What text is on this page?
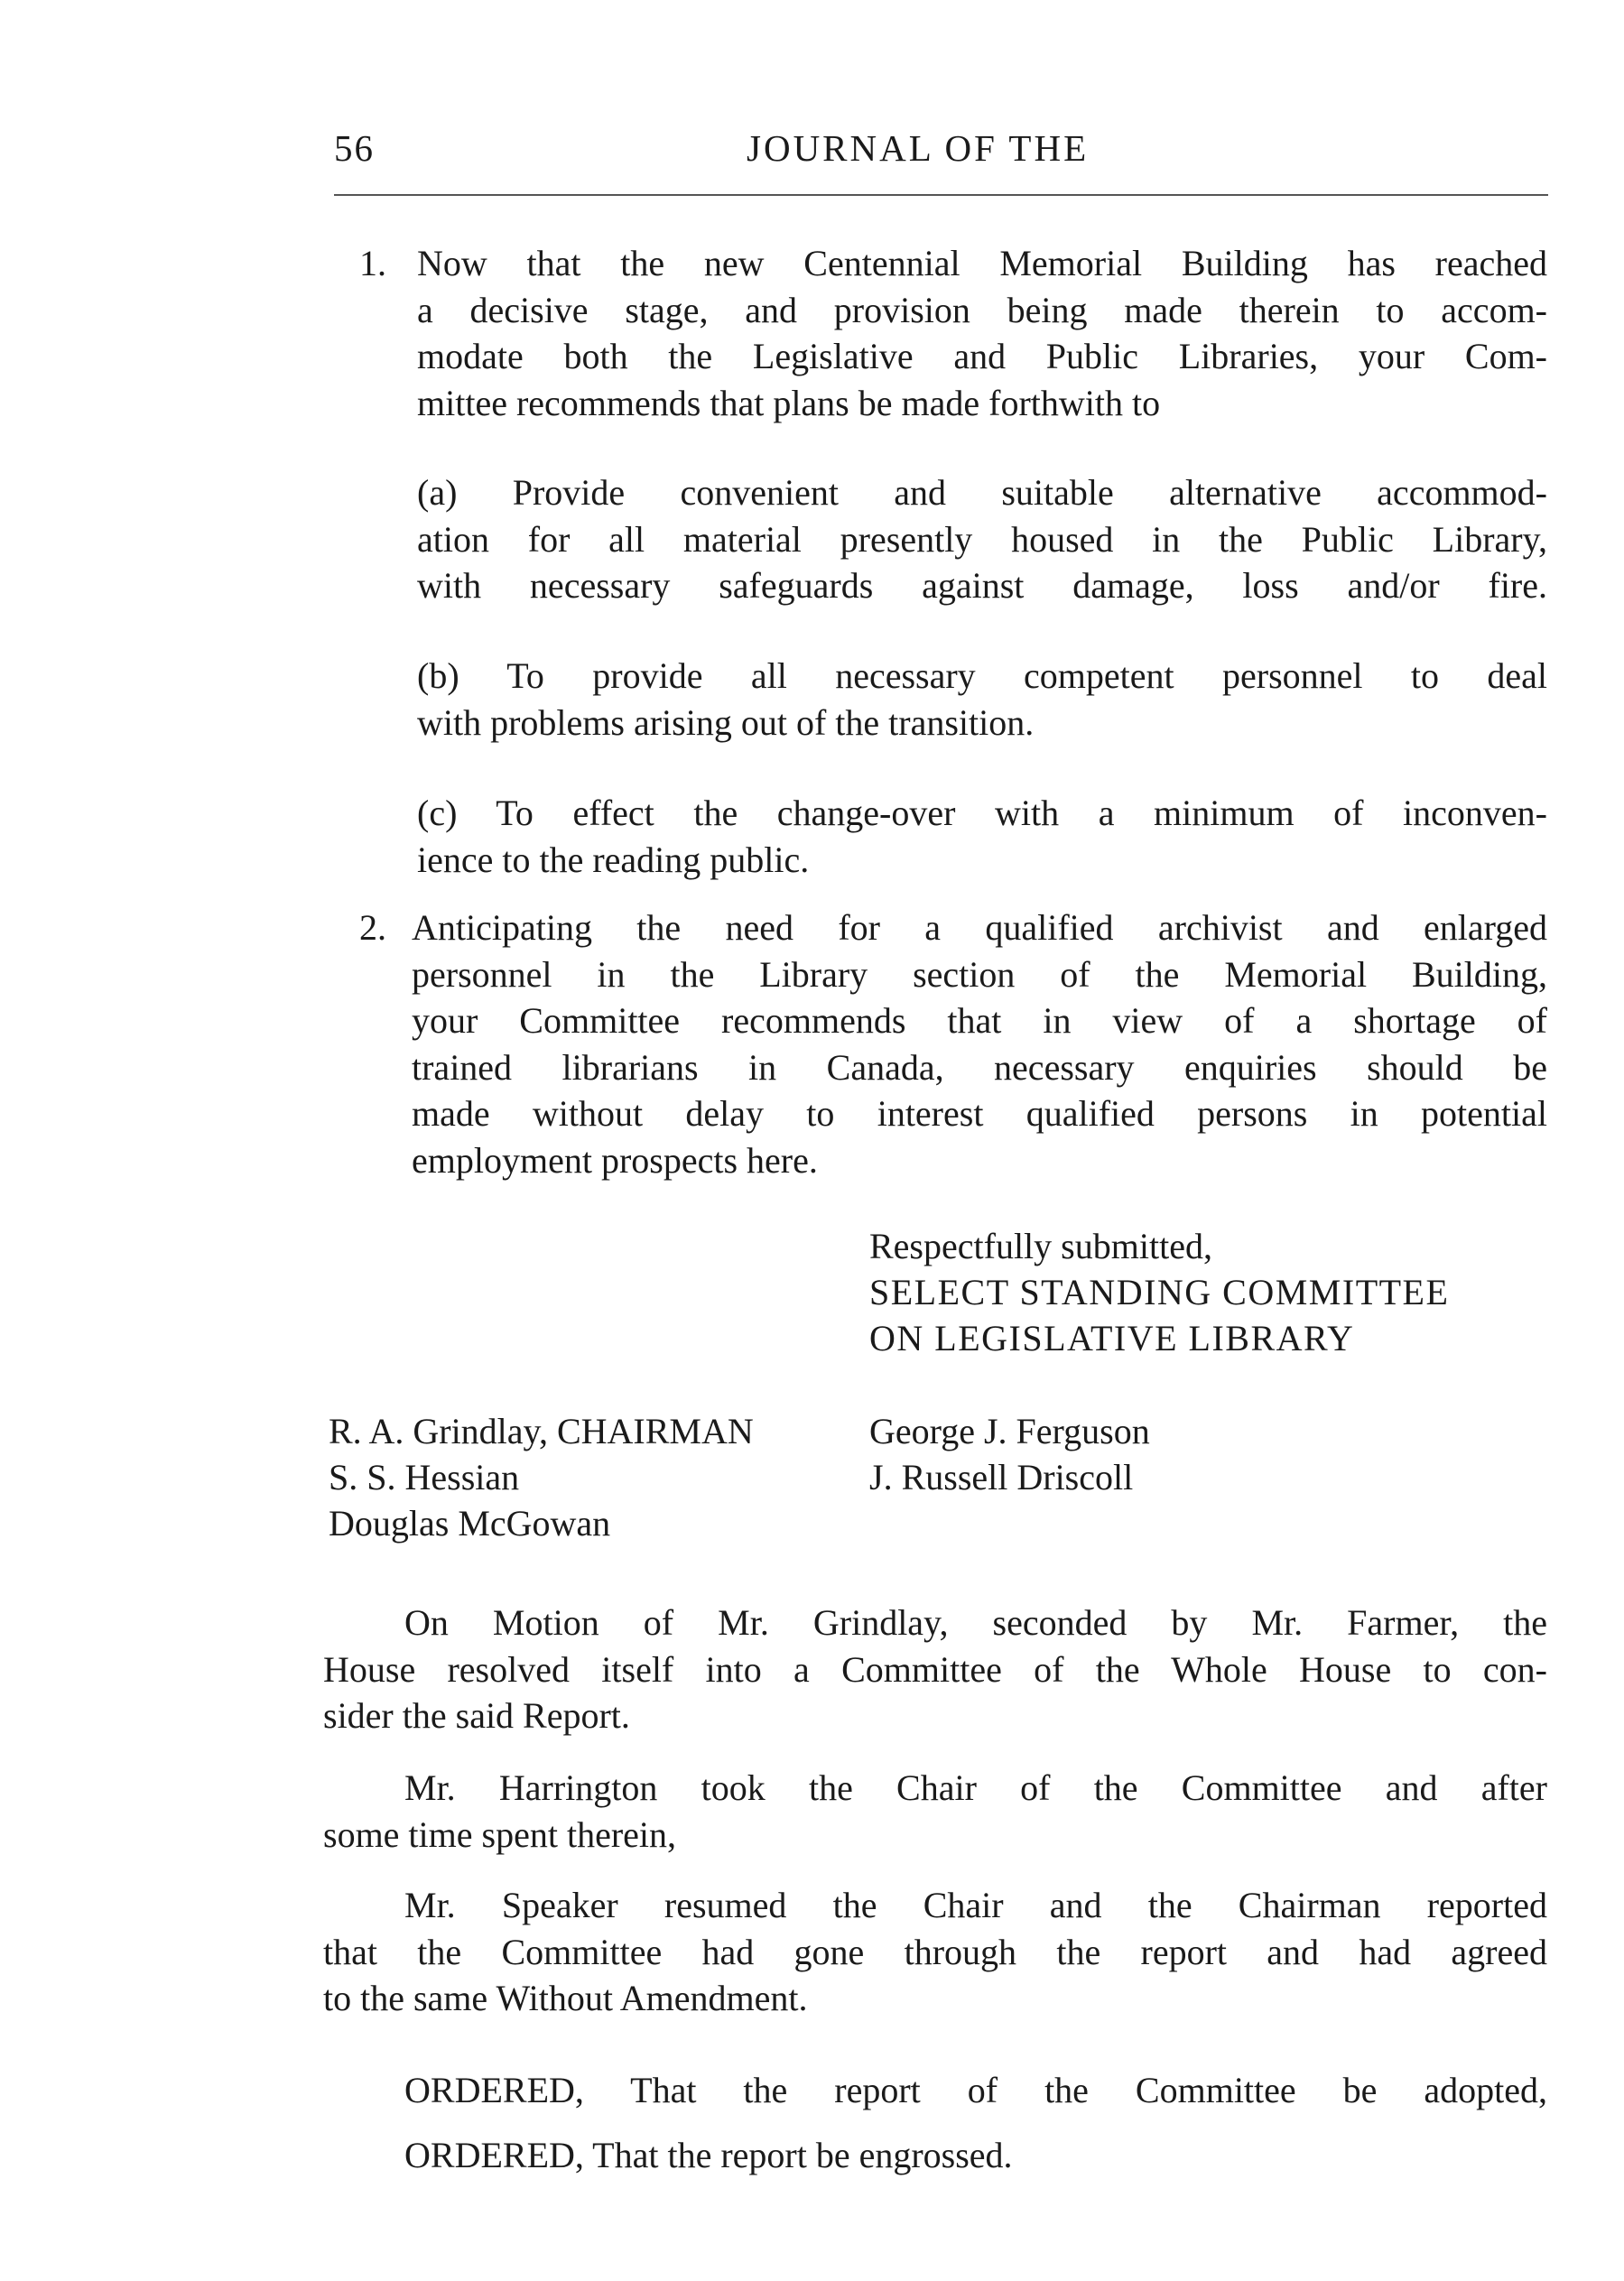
56	JOURNAL OF THE
1. Now that the new Centennial Memorial Building has reached
a decisive stage, and provision being made therein to accom-
modate both the Legislative and Public Libraries, your Com-
mittee recommends that plans be made forthwith to
(a) Provide convenient and suitable alternative accommod-
ation for all material presently housed in the Public Library,
with necessary safeguards against damage, loss and/or fire.
(b) To provide all necessary competent personnel to deal
with problems arising out of the transition.
(c) To effect the change-over with a minimum of inconven-
iencе to the reading public.
2. Anticipating the need for a qualified archivist and enlarged
personnel in the Library section of the Memorial Building,
your Committee recommends that in view of a shortage of
trained librarians in Canada, necessary enquiries should be
made without delay to interest qualified persons in potential
employment prospects here.
Respectfully submitted,
SELECT STANDING COMMITTEE
ON LEGISLATIVE LIBRARY
R. A. Grindlay, CHAIRMAN
S. S. Hessian
Douglas McGowan
George J. Ferguson
J. Russell Driscoll
On Motion of Mr. Grindlay, seconded by Mr. Farmer, the
House resolved itself into a Committee of the Whole House to con-
sider the said Report.
Mr. Harrington took the Chair of the Committee and after
some time spent therein,
Mr. Speaker resumed the Chair and the Chairman reported
that the Committee had gone through the report and had agreed
to the same Without Amendment.
ORDERED, That the report of the Committee be adopted,
ORDERED, That the report be engrossed.
